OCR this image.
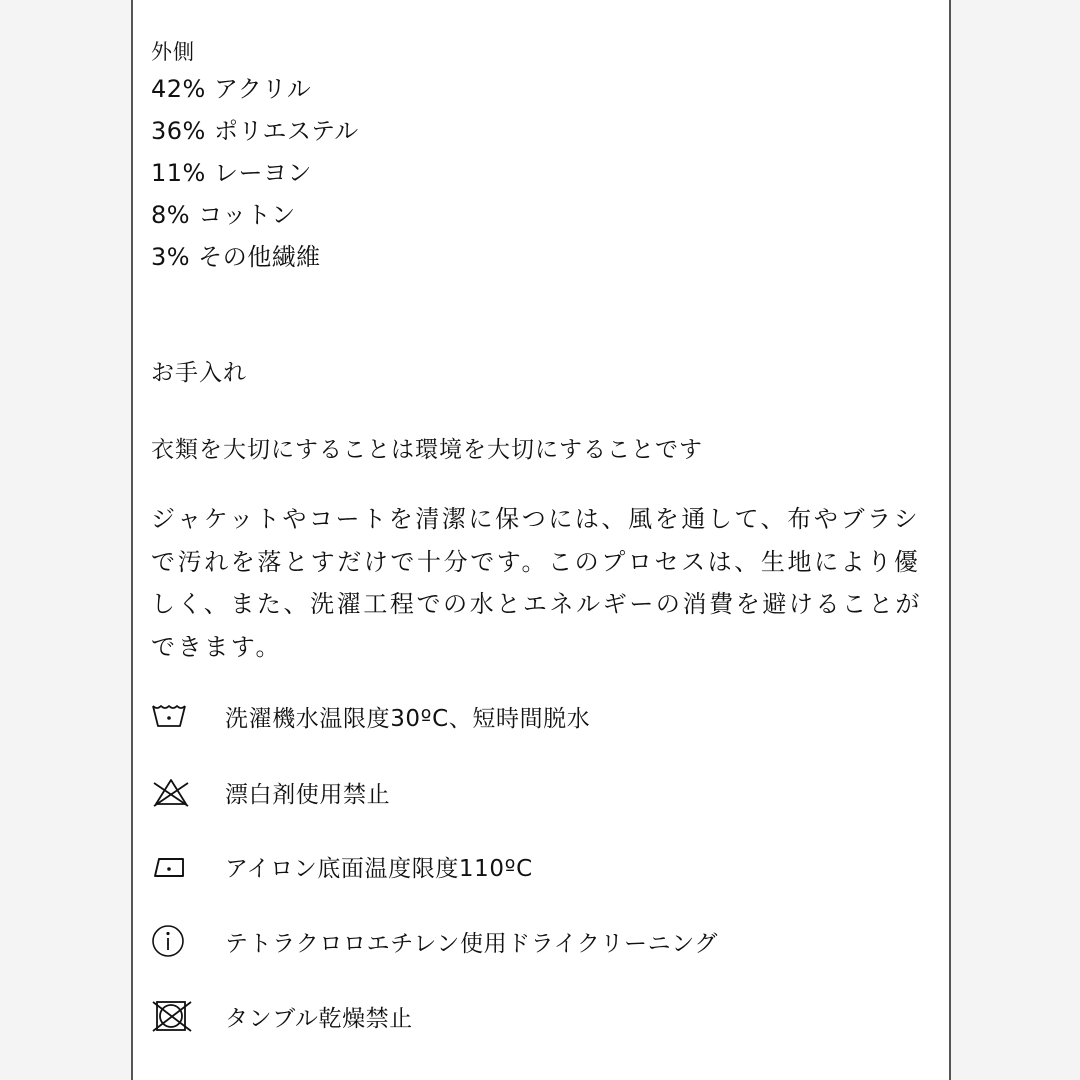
外側
42% アクリル
36% ポリエステル
11% レーヨン
8% コットン
3% その他繊維
お手入れ
衣類を大切にすることは環境を大切にすることです

ジャケットやコートを清潔に保つには、風を通して、布やブラシ
で汚れを落とすだけで十分です。このプロセスは、生地により優
しく、また、洗濯工程での水とエネルギーの消費を避けることが
できます。

洗濯機水温限度30ºC、短時間脱水
漂白剤使用禁止
アイロン底面温度限度110ºC
テトラクロロエチレン使用ドライクリーニング
タンブル乾燥禁止
